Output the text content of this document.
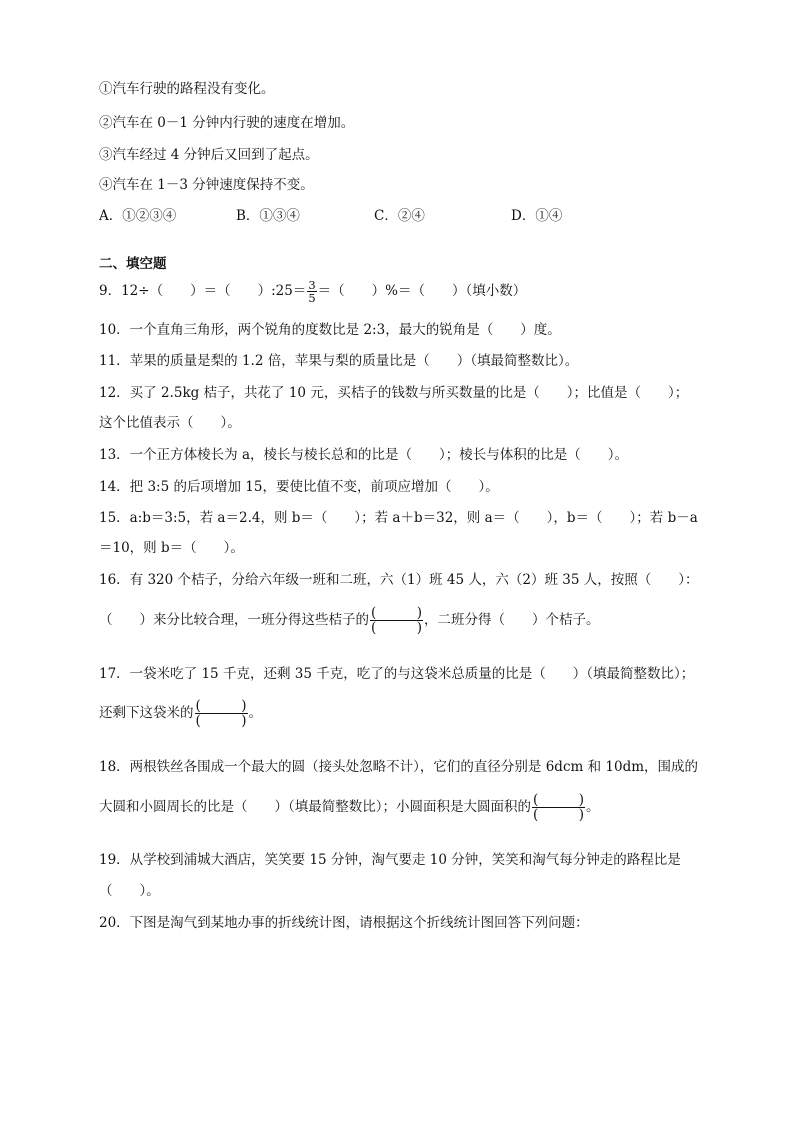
①汽车行驶的路程没有变化。
②汽车在 0－1 分钟内行驶的速度在增加。
③汽车经过 4 分钟后又回到了起点。
④汽车在 1－3 分钟速度保持不变。
A．①②③④	B．①③④	C．②④	D．①④
二、填空题
9．12÷（　　）＝（　　）:25＝ $\frac{3}{5}$ ＝（　　）%＝（　　）（填小数）
10．一个直角三角形，两个锐角的度数比是 2:3，最大的锐角是（　　）度。
11．苹果的质量是梨的 1.2 倍，苹果与梨的质量比是（　　）（填最简整数比）。
12．买了 2.5kg 桔子，共花了 10 元，买桔子的钱数与所买数量的比是（　　）；比值是（　　）；
这个比值表示（　　）。
13．一个正方体棱长为 a，棱长与棱长总和的比是（　　）；棱长与体积的比是（　　）。
14．把 3:5 的后项增加 15，要使比值不变，前项应增加（　　）。
15．a:b＝3:5，若 a＝2.4，则 b＝（　　）；若 a＋b＝32，则 a＝（　　），b＝（　　）；若 b－a
＝10，则 b＝（　　）。
16．有 320 个桔子，分给六年级一班和二班，六（1）班 45 人，六（2）班 35 人，按照（　　）：
（　　）来分比较合理，一班分得这些桔子的 $\frac{( )}{( )}$ ，二班分得（　　）个桔子。
17．一袋米吃了 15 千克，还剩 35 千克，吃了的与这袋米总质量的比是（　　）（填最简整数比）；
还剩下这袋米的 $\frac{( )}{( )}$ 。
18．两根铁丝各围成一个最大的圆（接头处忽略不计），它们的直径分别是 6dcm 和 10dm，围成的
大圆和小圆周长的比是（　　）（填最简整数比）；小圆面积是大圆面积的 $\frac{( )}{( )}$ 。
19．从学校到浦城大酒店，笑笑要 15 分钟，淘气要走 10 分钟，笑笑和淘气每分钟走的路程比是
（　　）。
20．下图是淘气到某地办事的折线统计图，请根据这个折线统计图回答下列问题：
